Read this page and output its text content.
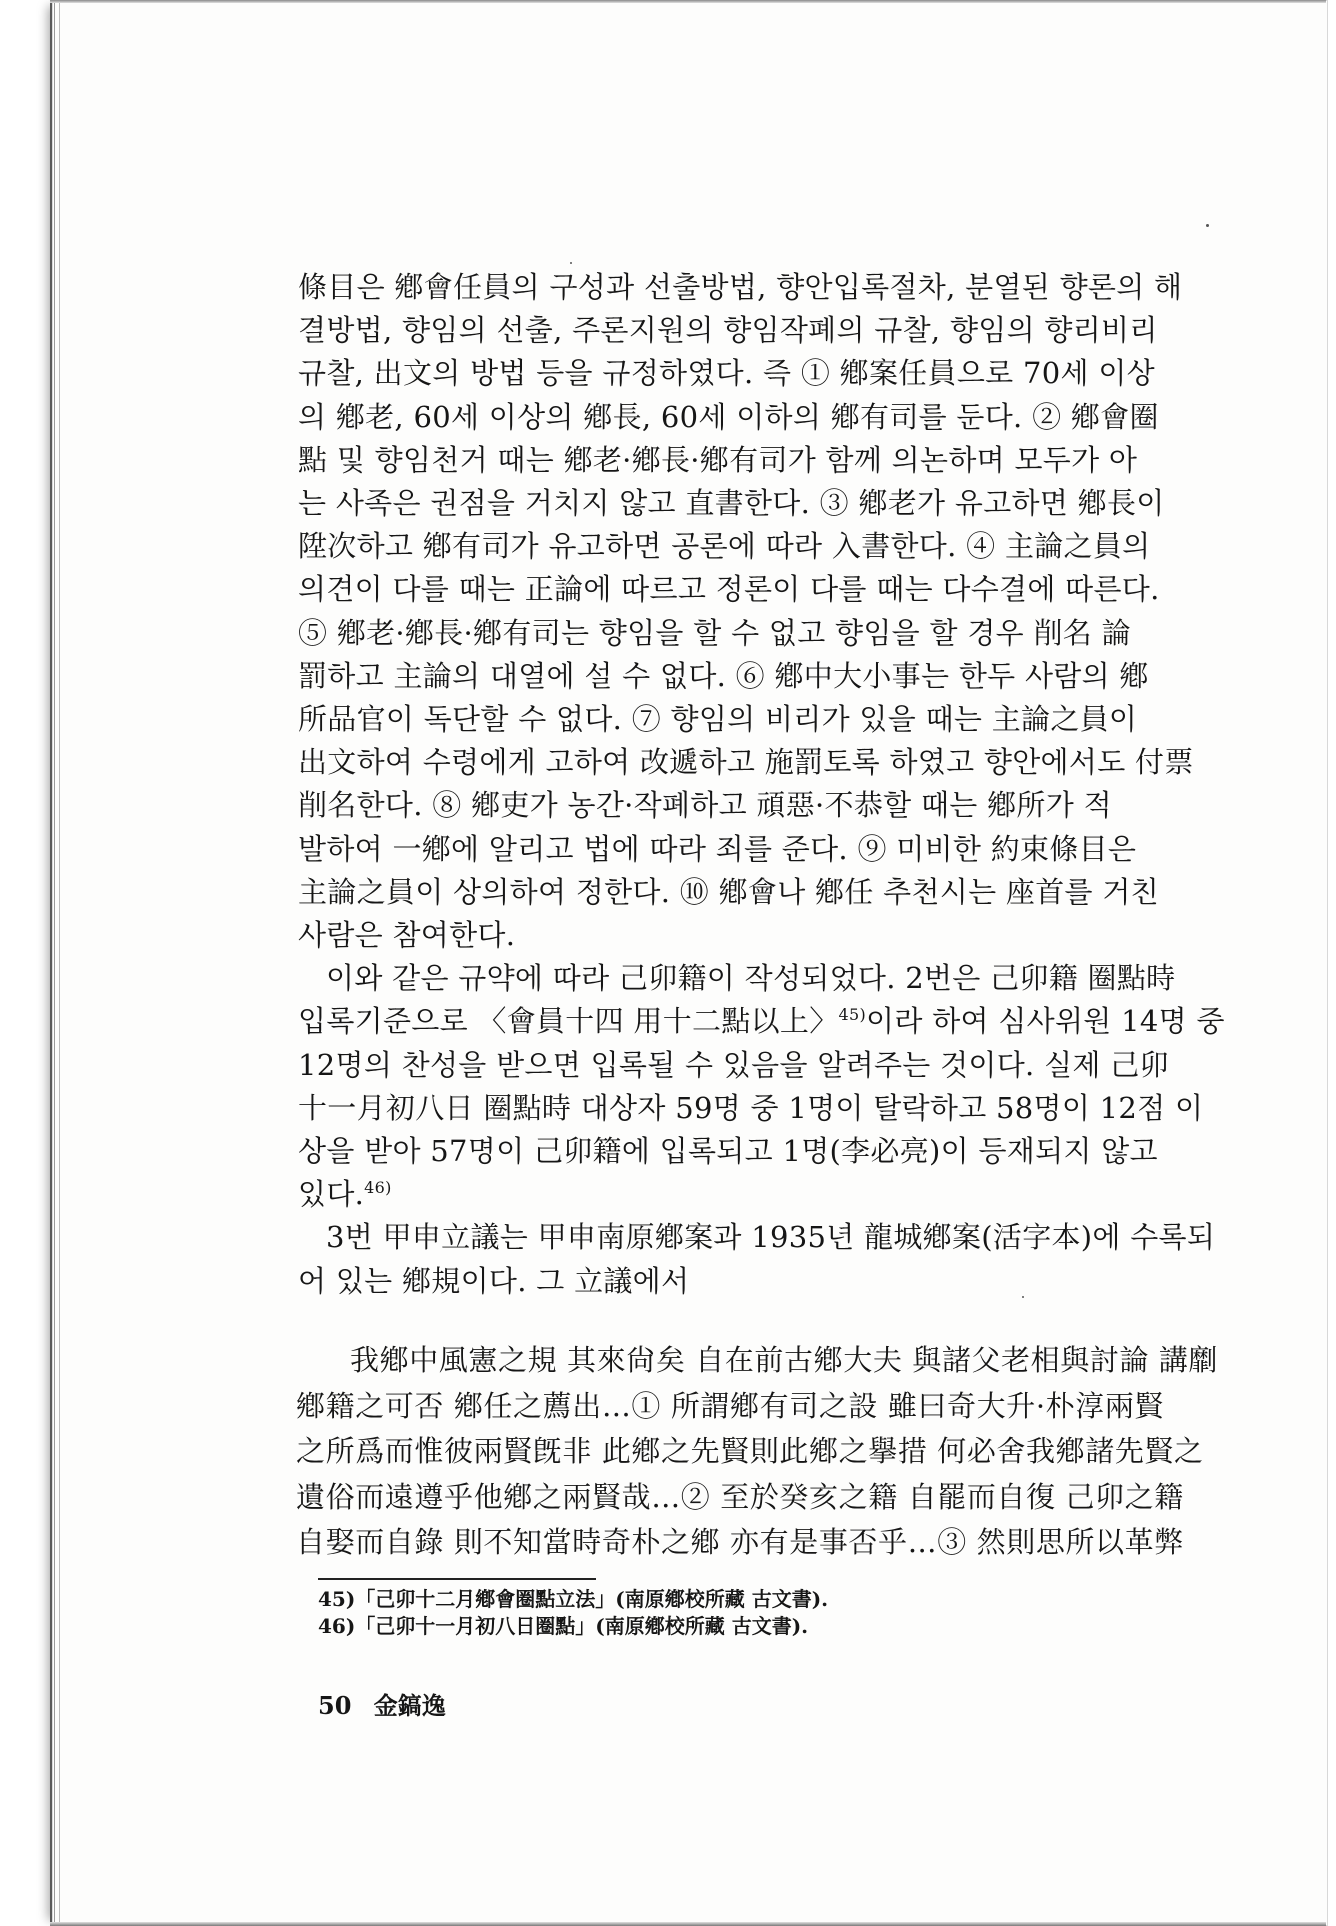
條目은 鄕會任員의 구성과 선출방법, 향안입록절차, 분열된 향론의 해
결방법, 향임의 선출, 주론지원의 향임작폐의 규찰, 향임의 향리비리
규찰, 出文의 방법 등을 규정하였다. 즉 ① 鄕案任員으로 70세 이상
의 鄕老, 60세 이상의 鄕長, 60세 이하의 鄕有司를 둔다. ② 鄕會圈
點 및 향임천거 때는 鄕老·鄕長·鄕有司가 함께 의논하며 모두가 아
는 사족은 권점을 거치지 않고 直書한다. ③ 鄕老가 유고하면 鄕長이
陞次하고 鄕有司가 유고하면 공론에 따라 入書한다. ④ 主論之員의
의견이 다를 때는 正論에 따르고 정론이 다를 때는 다수결에 따른다.
⑤ 鄕老·鄕長·鄕有司는 향임을 할 수 없고 향임을 할 경우 削名 論
罰하고 主論의 대열에 설 수 없다. ⑥ 鄕中大小事는 한두 사람의 鄕
所品官이 독단할 수 없다. ⑦ 향임의 비리가 있을 때는 主論之員이
出文하여 수령에게 고하여 改遞하고 施罰토록 하였고 향안에서도 付票
削名한다. ⑧ 鄕吏가 농간·작폐하고 頑惡·不恭할 때는 鄕所가 적
발하여 一鄕에 알리고 법에 따라 죄를 준다. ⑨ 미비한 約束條目은
主論之員이 상의하여 정한다. ⑩ 鄕會나 鄕任 추천시는 座首를 거친
사람은 참여한다.

이와 같은 규약에 따라 己卯籍이 작성되었다. 2번은 己卯籍 圈點時
입록기준으로 〈會員十四 用十二點以上〉$^{45)}$이라 하여 심사위원 14명 중
12명의 찬성을 받으면 입록될 수 있음을 알려주는 것이다. 실제 己卯
十一月初八日 圈點時 대상자 59명 중 1명이 탈락하고 58명이 12점 이
상을 받아 57명이 己卯籍에 입록되고 1명(李必亮)이 등재되지 않고
있다.$^{46)}$

3번 甲申立議는 甲申南原鄕案과 1935년 龍城鄕案(活字本)에 수록되
어 있는 鄕規이다. 그 立議에서

我鄕中風憲之規 其來尙矣 自在前古鄕大夫 與諸父老相與討論 講劘
鄕籍之可否 鄕任之薦出…① 所謂鄕有司之設 雖曰奇大升·朴淳兩賢
之所爲而惟彼兩賢旣非 此鄕之先賢則此鄕之擧措 何必舍我鄕諸先賢之
遺俗而遠遵乎他鄕之兩賢哉…② 至於癸亥之籍 自罷而自復 己卯之籍
自娶而自錄 則不知當時奇朴之鄕 亦有是事否乎…③ 然則思所以革弊
45)「己卯十二月鄕會圈點立法」(南原鄕校所藏 古文書).
46)「己卯十一月初八日圈點」(南原鄕校所藏 古文書).
50 金鎬逸
